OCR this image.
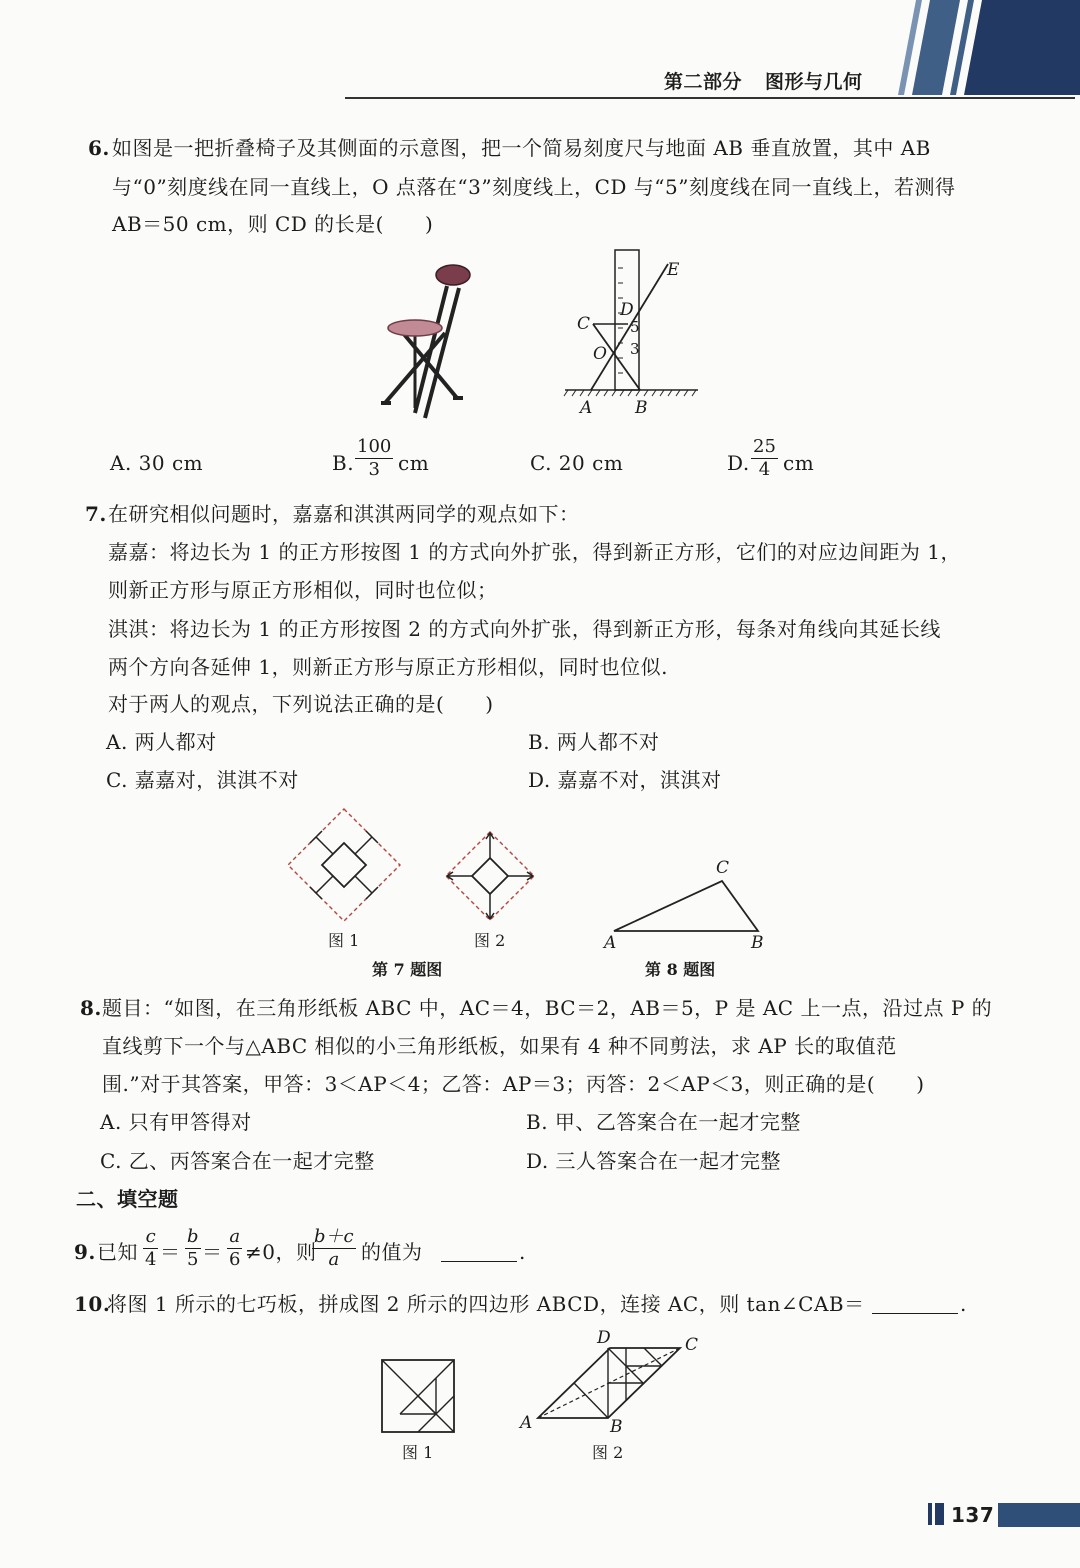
第二部分 图形与几何
6. 如图是一把折叠椅子及其侧面的示意图，把一个简易刻度尺与地面 AB 垂直放置，其中 AB
与“0”刻度线在同一直线上，O 点落在“3”刻度线上，CD 与“5”刻度线在同一直线上，若测得
AB＝50 cm，则 CD 的长是(　　)
E
D
C	5
O 3
A	B
A. 30 cm	B.
100
3 cm	C. 20 cm	D.
25
4 cm
7. 在研究相似问题时，嘉嘉和淇淇两同学的观点如下：
嘉嘉：将边长为 1 的正方形按图 1 的方式向外扩张，得到新正方形，它们的对应边间距为 1，
则新正方形与原正方形相似，同时也位似；
淇淇：将边长为 1 的正方形按图 2 的方式向外扩张，得到新正方形，每条对角线向其延长线
两个方向各延伸 1，则新正方形与原正方形相似，同时也位似.
对于两人的观点，下列说法正确的是(　　)
A. 两人都对	B. 两人都不对
C. 嘉嘉对，淇淇不对	D. 嘉嘉不对，淇淇对
图 1	图 2
第 7 题图
C
A	B
第 8 题图
8. 题目：“如图，在三角形纸板 ABC 中，AC＝4，BC＝2，AB＝5，P 是 AC 上一点，沿过点 P 的
直线剪下一个与△ABC 相似的小三角形纸板，如果有 4 种不同剪法，求 AP 长的取值范
围.”对于其答案，甲答：3＜AP＜4；乙答：AP＝3；丙答：2＜AP＜3，则正确的是(　　)
A. 只有甲答得对	B. 甲、乙答案合在一起才完整
C. 乙、丙答案合在一起才完整	D. 三人答案合在一起才完整
二、填空题
9. 已知
c
4 ＝
b
5 ＝
a
6 ≠0，则
b＋c
a	的值为	.
10.
将图 1 所示的七巧板，拼成图 2 所示的四边形 ABCD，连接 AC，则 tan∠CAB＝	.
图 1
D	C
A	B
图 2
137
